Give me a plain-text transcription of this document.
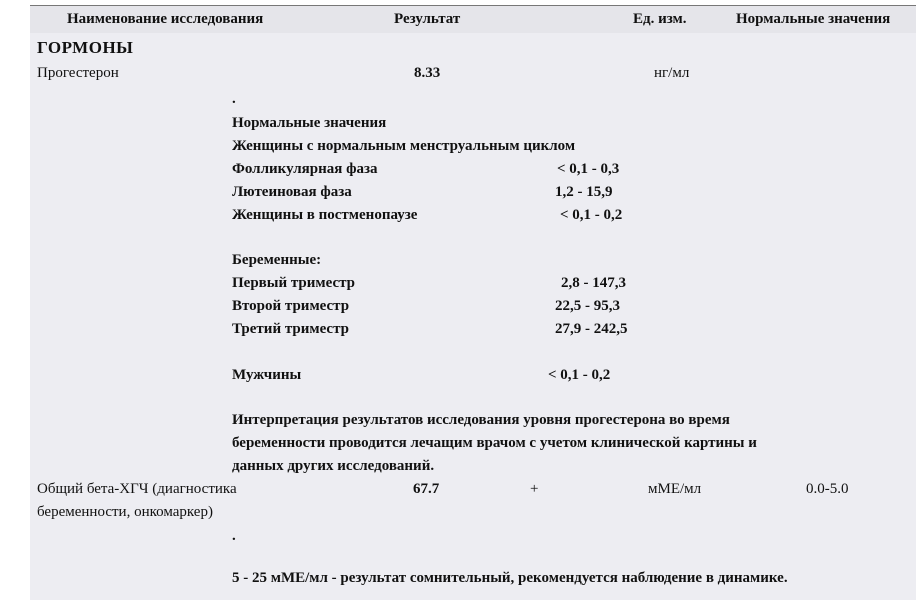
Наименование исследования	Результат	Ед. изм.	Нормальные значения
ГОРМОНЫ
Прогестерон	8.33	нг/мл
.
Нормальные значения
Женщины с нормальным менструальным циклом
Фолликулярная фаза	< 0,1 - 0,3
Лютеиновая фаза	1,2 - 15,9
Женщины в постменопаузе	< 0,1 - 0,2
Беременные:
Первый триместр	2,8 - 147,3
Второй триместр	22,5 - 95,3
Третий триместр	27,9 - 242,5
Мужчины	< 0,1 - 0,2
Интерпретация результатов исследования уровня прогестерона во время
беременности проводится лечащим врачом с учетом клинической картины и
данных других исследований.
Общий бета-ХГЧ (диагностика
беременности, онкомаркер)
67.7	+	мМЕ/мл	0.0-5.0
.
5 - 25 мМЕ/мл - результат сомнительный, рекомендуется наблюдение в динамике.
